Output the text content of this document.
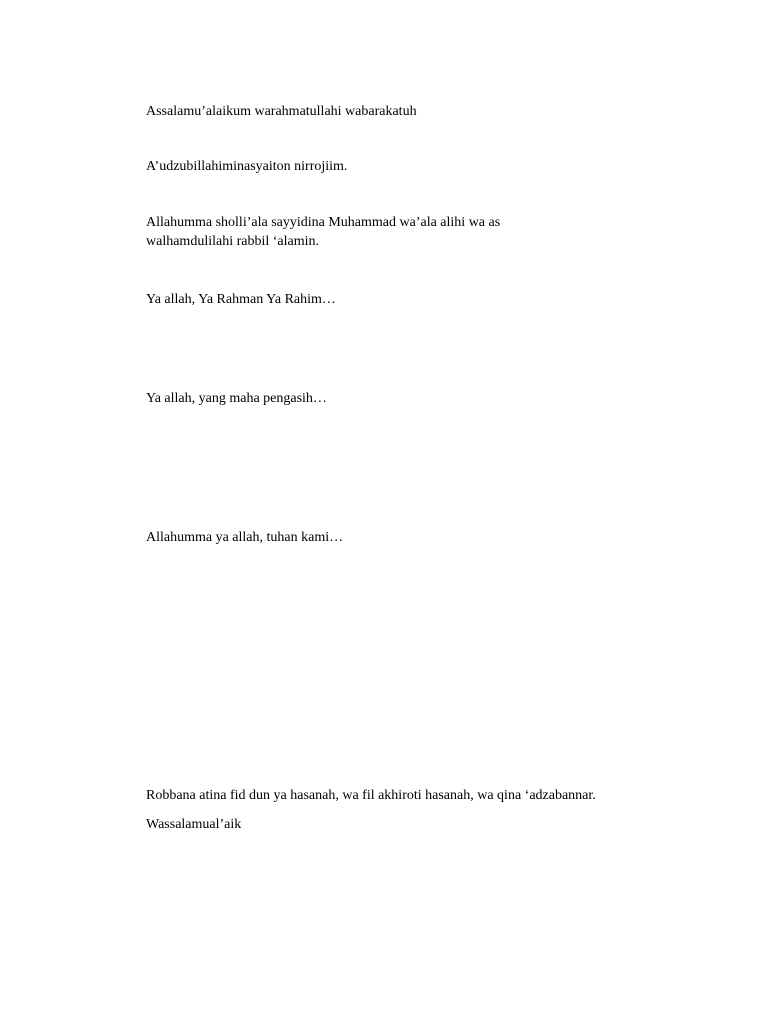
Assalamu’alaikum warahmatullahi wabarakatuh

A’udzubillahiminasyaiton nirrojiim.

Allahumma sholli’ala sayyidina Muhammad wa’ala alihi wa as
walhamdulilahi rabbil ‘alamin.

Ya allah, Ya Rahman Ya Rahim…

Ya allah, yang maha pengasih…

Allahumma ya allah, tuhan kami…

Robbana atina fid dun ya hasanah, wa fil akhiroti hasanah, wa qina ‘adzabannar.

Wassalamual’aik
